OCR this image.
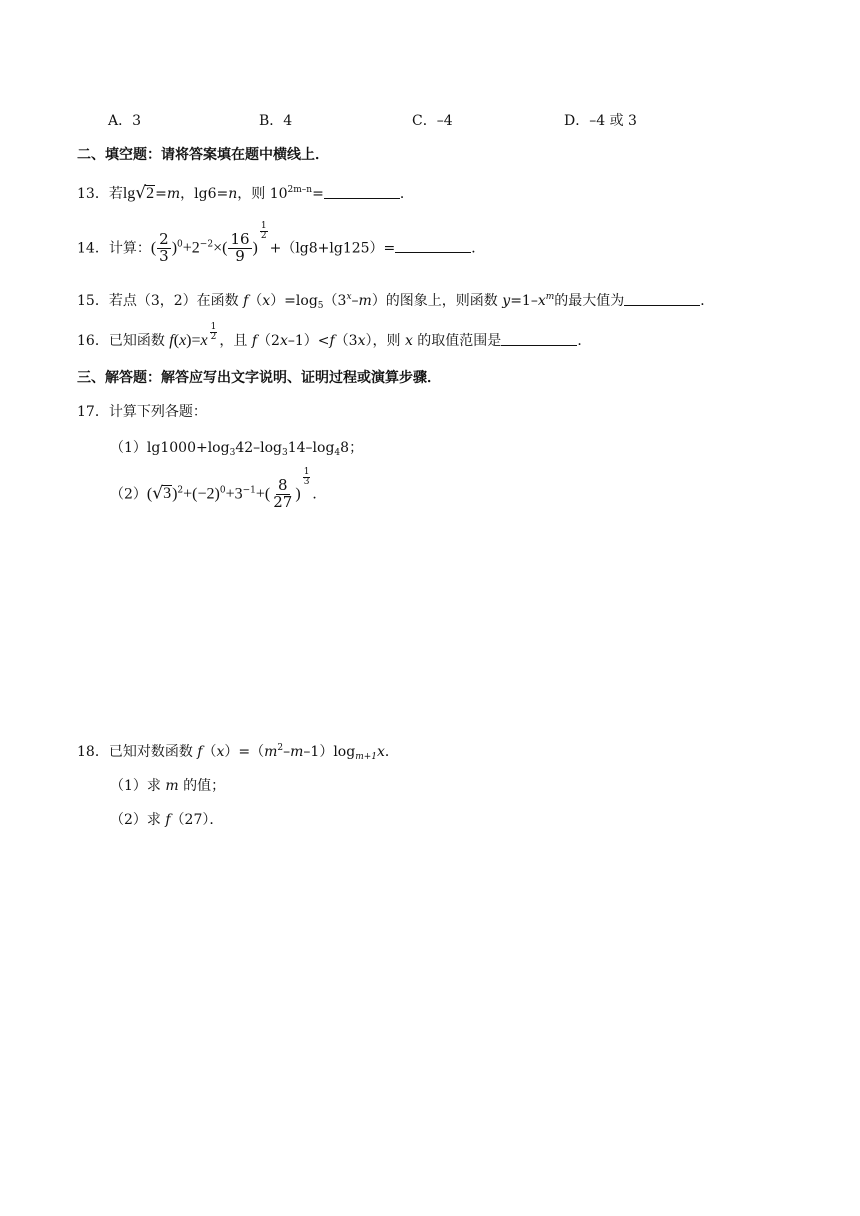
A．3	B．4	C．–4	D．–4 或 3
二、填空题：请将答案填在题中横线上．
13．若lg√2=m，lg6=n，则 $10^{2m-n}=$	．
14．计算：( $\frac{2}{3} )^0+2^{-2}\times( \frac{16}{9}$ )
$\frac{1}{2}$
+（lg8+lg125）=	．
15．若点（3，2）在函数 $f(x)=\log_5(3^x-m)$的图象上，则函数 $y=1-x^m$的最大值为	．
16．已知函数 $f(x)=x \frac{1}{2}$ ，且 f（2x–1）<f（3x），则 x 的取值范围是	．
三、解答题：解答应写出文字说明、证明过程或演算步骤．
17．计算下列各题：
$(1)\lg 1000+\log_342-\log_314-\log_48$；
$(2)(√3)^2+(-2)^0+3^{-1}+( \frac{8}{27}$ )
$\frac{1}{3}$
．
18．已知对数函数 $f(x)=(m^2-m-1)\log_{m+1}x$．
（1）求 m 的值；
（2）求 f（27）．
